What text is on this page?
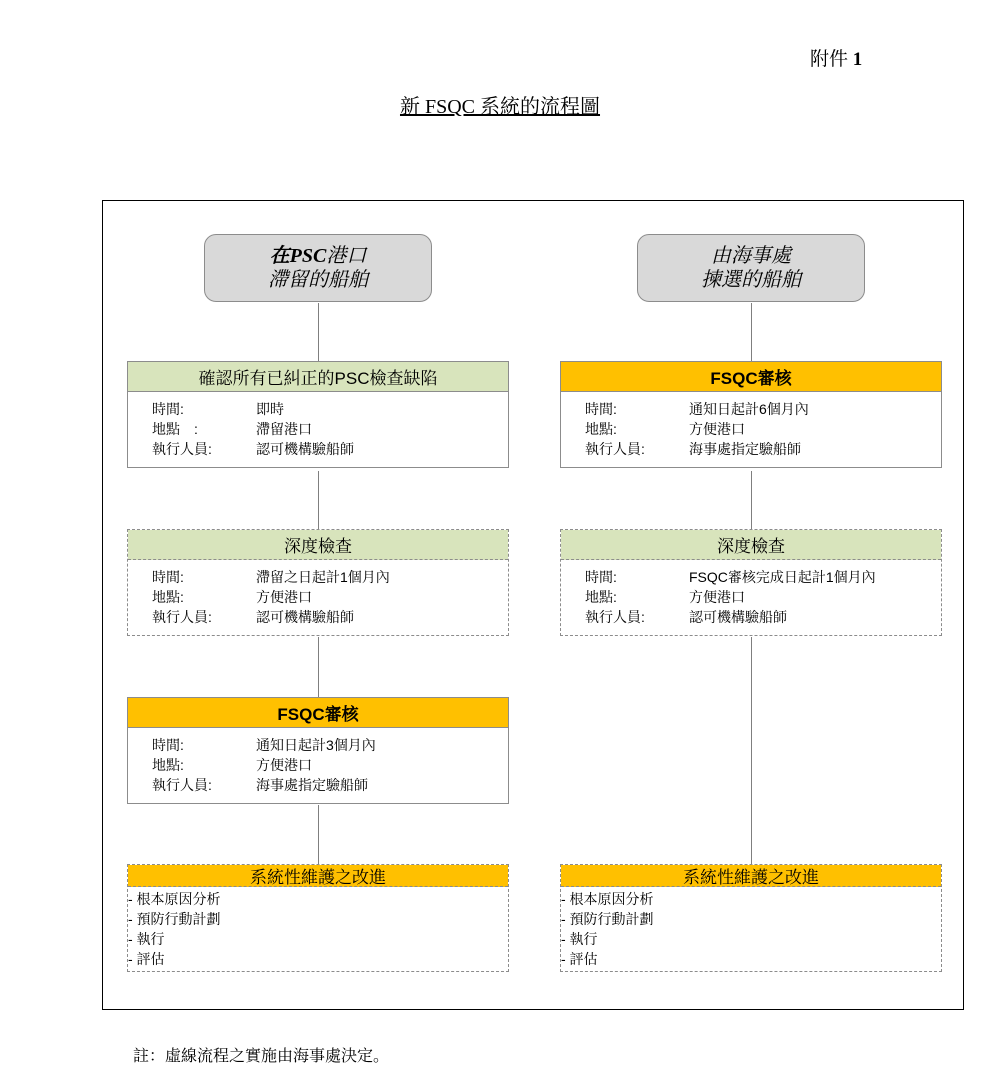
附件 1
新 FSQC 系統的流程圖
在PSC港口
滯留的船舶
由海事處
揀選的船舶
確認所有已糾正的PSC檢查缺陷
時間:	即時
地點　:	滯留港口
執行人員:	認可機構驗船師
FSQC審核
時間:	通知日起計6個月內
地點:	方便港口
執行人員:	海事處指定驗船師
深度檢查
時間:	滯留之日起計1個月內
地點:	方便港口
執行人員:	認可機構驗船師
深度檢查
時間:	FSQC審核完成日起計1個月內
地點:	方便港口
執行人員:	認可機構驗船師
FSQC審核
時間:	通知日起計3個月內
地點:	方便港口
執行人員:	海事處指定驗船師
系統性維護之改進
- 根本原因分析
- 預防行動計劃
- 執行
- 評估
系統性維護之改進
- 根本原因分析
- 預防行動計劃
- 執行
- 評估
註：虛線流程之實施由海事處決定。
